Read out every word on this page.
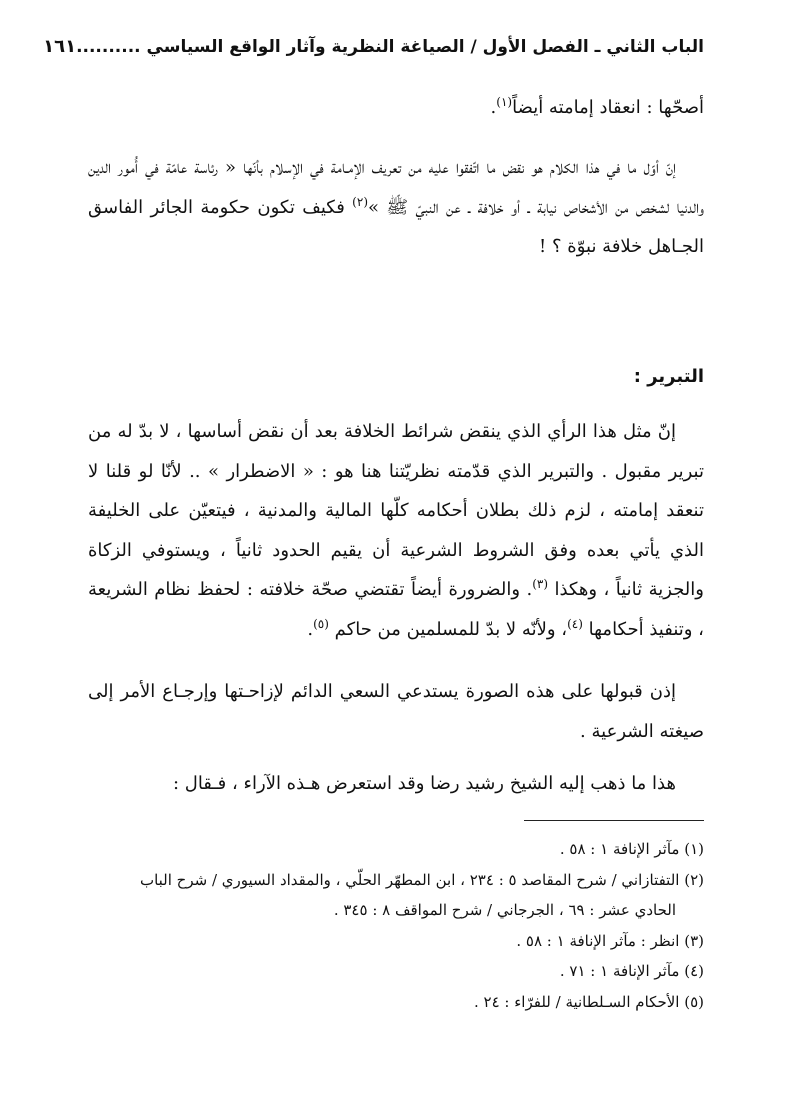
الباب الثاني ـ الفصل الأول / الصياغة النظرية وآثار الواقع السياسي ..........
١٦١

أصحّها : انعقاد إمامته أيضاً$^{(١)}$.

إنّ أوّل ما في هذا الكلام هو نقض ما اتّفقوا عليه من تعريف الإمـامة في الإسلام بأنّها « رئاسة عامّة في أُمور الدين والدنيا لشخص من الأشخاص نيابة ـ أو خلافة ـ عن النبيّ ﷺ »$^{(٢)}$ فكيف تكون حكومة الجائر الفاسق الجـاهل خلافة نبوّة ؟ !

التبرير :

إنّ مثل هذا الرأي الذي ينقض شرائط الخلافة بعد أن نقض أساسها ، لا بدّ له من تبرير مقبول . والتبرير الذي قدّمته نظريّتنا هنا هو : « الاضطرار » .. لأنّا لو قلنا لا تنعقد إمامته ، لزم ذلك بطلان أحكامه كلّها المالية والمدنية ، فيتعيّن على الخليفة الذي يأتي بعده وفق الشروط الشرعية أن يقيم الحدود ثانياً ، ويستوفي الزكاة والجزية ثانياً ، وهكذا $^{(٣)}$. والضرورة أيضاً تقتضي صحّة خلافته : لحفظ نظام الشريعة ، وتنفيذ أحكامها $^{(٤)}$، ولأنّه لا بدّ للمسلمين من حاكم $^{(٥)}$.

إذن قبولها على هذه الصورة يستدعي السعي الدائم لإزاحـتها وإرجـاع الأمر إلى صيغته الشرعية .

هذا ما ذهب إليه الشيخ رشيد رضا وقد استعرض هـذه الآراء ، فـقال :

(١) مآثر الإنافة ١ : ٥٨ .
(٢) التفتازاني / شرح المقاصد ٥ : ٢٣٤ ، ابن المطهّر الحلّي ، والمقداد السيوري / شرح الباب
الحادي عشر : ٦٩ ، الجرجاني / شرح المواقف ٨ : ٣٤٥ .
(٣) انظر : مآثر الإنافة ١ : ٥٨ .
(٤) مآثر الإنافة ١ : ٧١ .
(٥) الأحكام السـلطانية / للفرّاء : ٢٤ .
